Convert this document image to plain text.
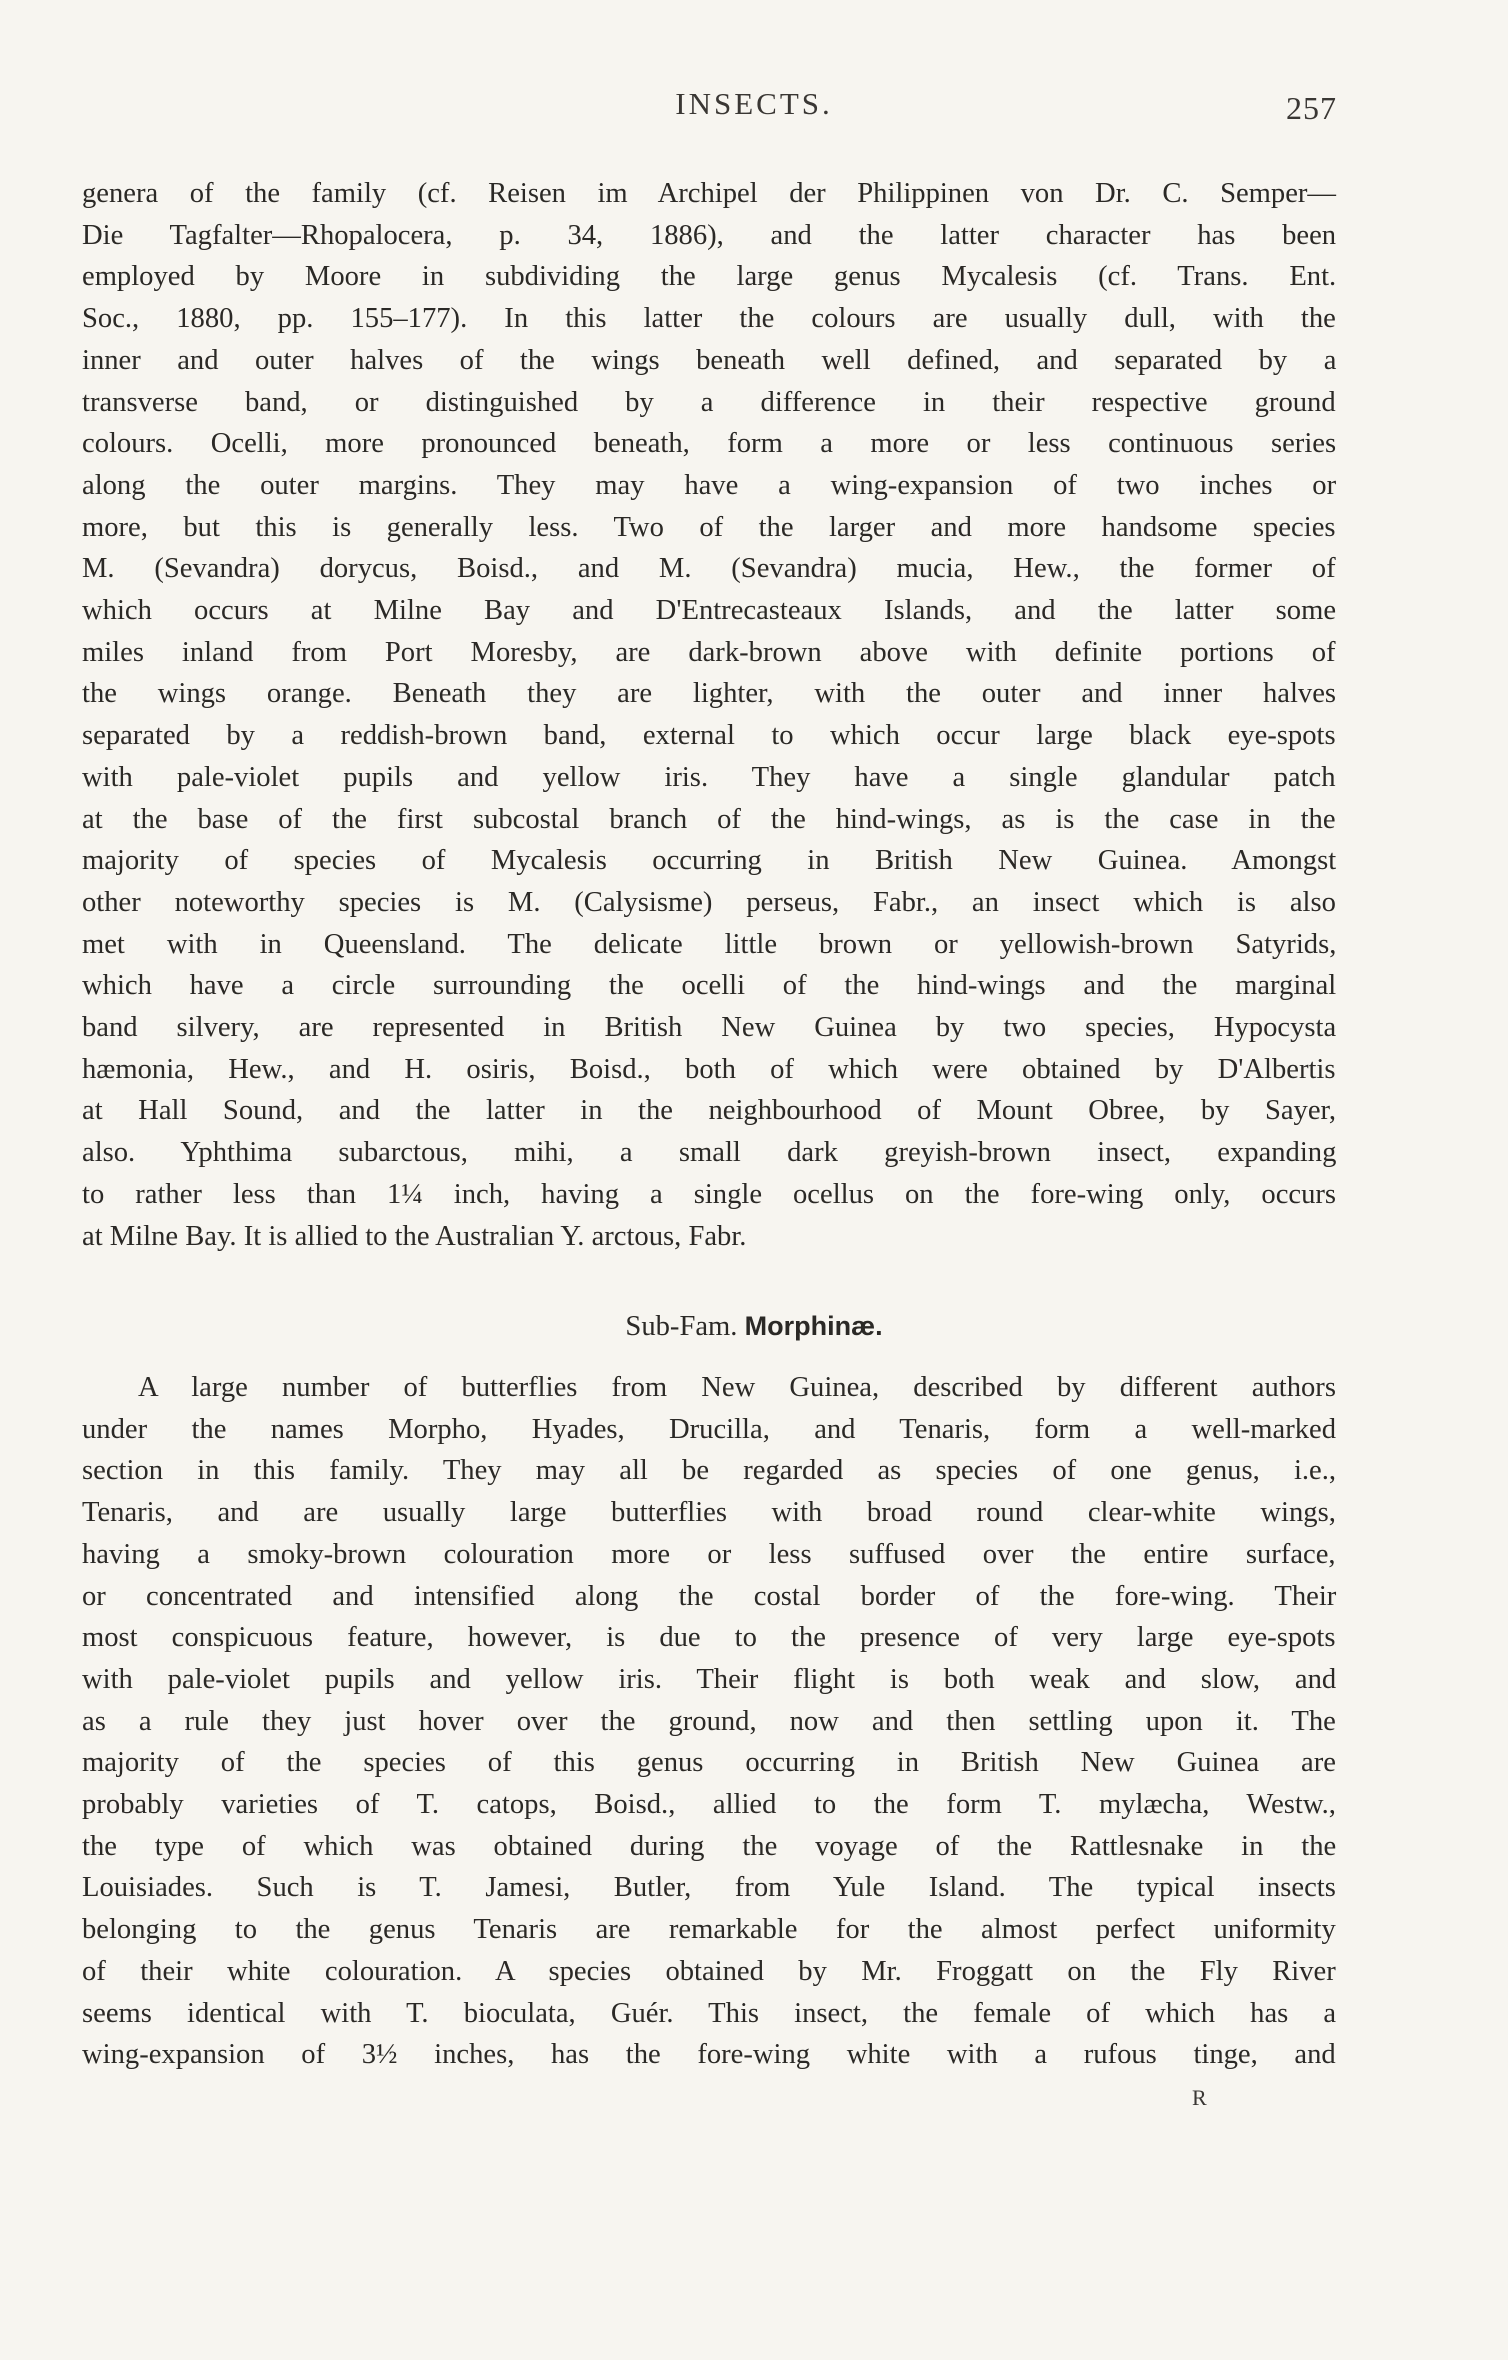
INSECTS.	257
genera of the family (cf. Reisen im Archipel der Philippinen von Dr. C. Semper—
Die Tagfalter—Rhopalocera, p. 34, 1886), and the latter character has been
employed by Moore in subdividing the large genus Mycalesis (cf. Trans. Ent.
Soc., 1880, pp. 155–177). In this latter the colours are usually dull, with the
inner and outer halves of the wings beneath well defined, and separated by a
transverse band, or distinguished by a difference in their respective ground
colours. Ocelli, more pronounced beneath, form a more or less continuous series
along the outer margins. They may have a wing-expansion of two inches or
more, but this is generally less. Two of the larger and more handsome species
M. (Sevandra) dorycus, Boisd., and M. (Sevandra) mucia, Hew., the former of
which occurs at Milne Bay and D'Entrecasteaux Islands, and the latter some
miles inland from Port Moresby, are dark-brown above with definite portions of
the wings orange. Beneath they are lighter, with the outer and inner halves
separated by a reddish-brown band, external to which occur large black eye-spots
with pale-violet pupils and yellow iris. They have a single glandular patch
at the base of the first subcostal branch of the hind-wings, as is the case in the
majority of species of Mycalesis occurring in British New Guinea. Amongst
other noteworthy species is M. (Calysisme) perseus, Fabr., an insect which is also
met with in Queensland. The delicate little brown or yellowish-brown Satyrids,
which have a circle surrounding the ocelli of the hind-wings and the marginal
band silvery, are represented in British New Guinea by two species, Hypocysta
hæmonia, Hew., and H. osiris, Boisd., both of which were obtained by D'Albertis
at Hall Sound, and the latter in the neighbourhood of Mount Obree, by Sayer,
also. Yphthima subarctous, mihi, a small dark greyish-brown insect, expanding
to rather less than 1¼ inch, having a single ocellus on the fore-wing only, occurs
at Milne Bay. It is allied to the Australian Y. arctous, Fabr.
Sub-Fam. Morphinæ.
A large number of butterflies from New Guinea, described by different authors
under the names Morpho, Hyades, Drucilla, and Tenaris, form a well-marked
section in this family. They may all be regarded as species of one genus, i.e.,
Tenaris, and are usually large butterflies with broad round clear-white wings,
having a smoky-brown colouration more or less suffused over the entire surface,
or concentrated and intensified along the costal border of the fore-wing. Their
most conspicuous feature, however, is due to the presence of very large eye-spots
with pale-violet pupils and yellow iris. Their flight is both weak and slow, and
as a rule they just hover over the ground, now and then settling upon it. The
majority of the species of this genus occurring in British New Guinea are
probably varieties of T. catops, Boisd., allied to the form T. mylæcha, Westw.,
the type of which was obtained during the voyage of the Rattlesnake in the
Louisiades. Such is T. Jamesi, Butler, from Yule Island. The typical insects
belonging to the genus Tenaris are remarkable for the almost perfect uniformity
of their white colouration. A species obtained by Mr. Froggatt on the Fly River
seems identical with T. bioculata, Guér. This insect, the female of which has a
wing-expansion of 3½ inches, has the fore-wing white with a rufous tinge, and
R
